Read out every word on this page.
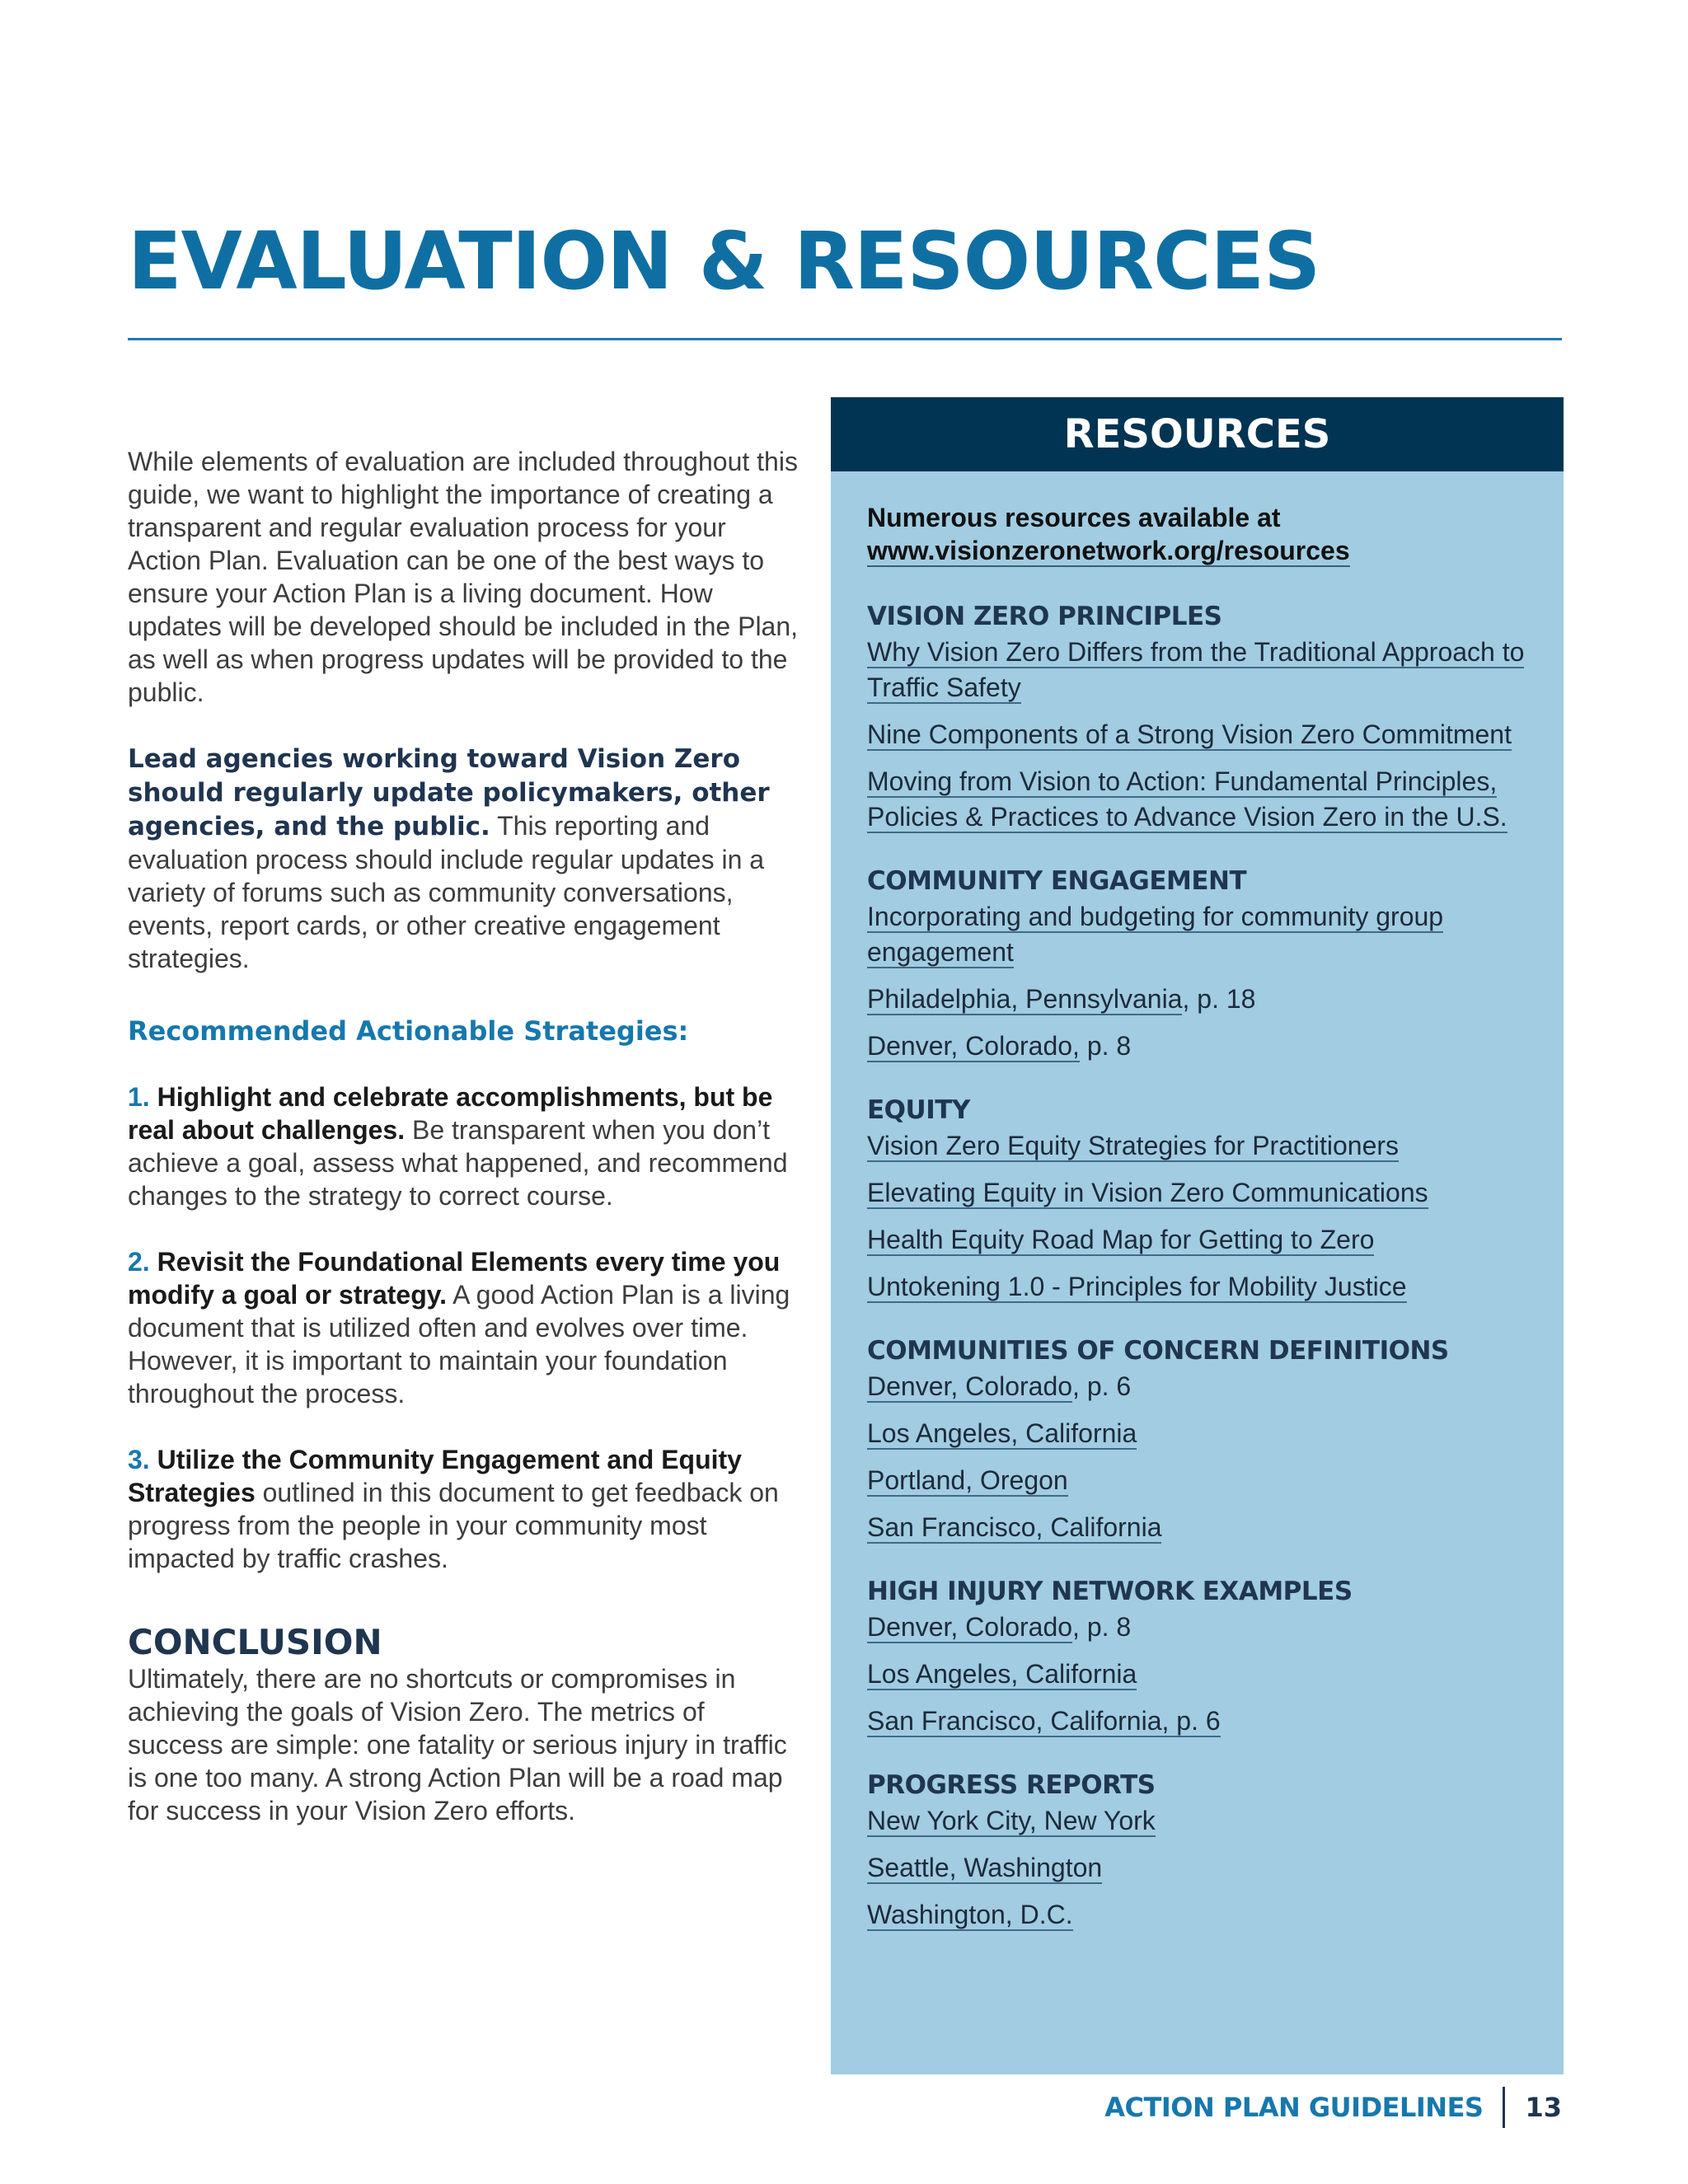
EVALUATION & RESOURCES

While elements of evaluation are included throughout this guide, we want to highlight the importance of creating a transparent and regular evaluation process for your Action Plan. Evaluation can be one of the best ways to ensure your Action Plan is a living document. How updates will be developed should be included in the Plan, as well as when progress updates will be provided to the public.

Lead agencies working toward Vision Zero should regularly update policymakers, other agencies, and the public. This reporting and evaluation process should include regular updates in a variety of forums such as community conversations, events, report cards, or other creative engagement strategies.

Recommended Actionable Strategies:

1. Highlight and celebrate accomplishments, but be real about challenges. Be transparent when you don’t achieve a goal, assess what happened, and recommend changes to the strategy to correct course.

2. Revisit the Foundational Elements every time you modify a goal or strategy. A good Action Plan is a living document that is utilized often and evolves over time. However, it is important to maintain your foundation throughout the process.

3. Utilize the Community Engagement and Equity Strategies outlined in this document to get feedback on progress from the people in your community most impacted by traffic crashes.

CONCLUSION

Ultimately, there are no shortcuts or compromises in achieving the goals of Vision Zero. The metrics of success are simple: one fatality or serious injury in traffic is one too many. A strong Action Plan will be a road map for success in your Vision Zero efforts.

RESOURCES

Numerous resources available at
www.visionzeronetwork.org/resources

VISION ZERO PRINCIPLES
Why Vision Zero Differs from the Traditional Approach to Traffic Safety
Nine Components of a Strong Vision Zero Commitment
Moving from Vision to Action: Fundamental Principles, Policies & Practices to Advance Vision Zero in the U.S.
COMMUNITY ENGAGEMENT
Incorporating and budgeting for community group engagement
Philadelphia, Pennsylvania, p. 18
Denver, Colorado, p. 8
EQUITY
Vision Zero Equity Strategies for Practitioners
Elevating Equity in Vision Zero Communications
Health Equity Road Map for Getting to Zero
Untokening 1.0 - Principles for Mobility Justice
COMMUNITIES OF CONCERN DEFINITIONS
Denver, Colorado, p. 6
Los Angeles, California
Portland, Oregon
San Francisco, California
HIGH INJURY NETWORK EXAMPLES
Denver, Colorado, p. 8
Los Angeles, California
San Francisco, California, p. 6
PROGRESS REPORTS
New York City, New York
Seattle, Washington
Washington, D.C.
ACTION PLAN GUIDELINES 13
